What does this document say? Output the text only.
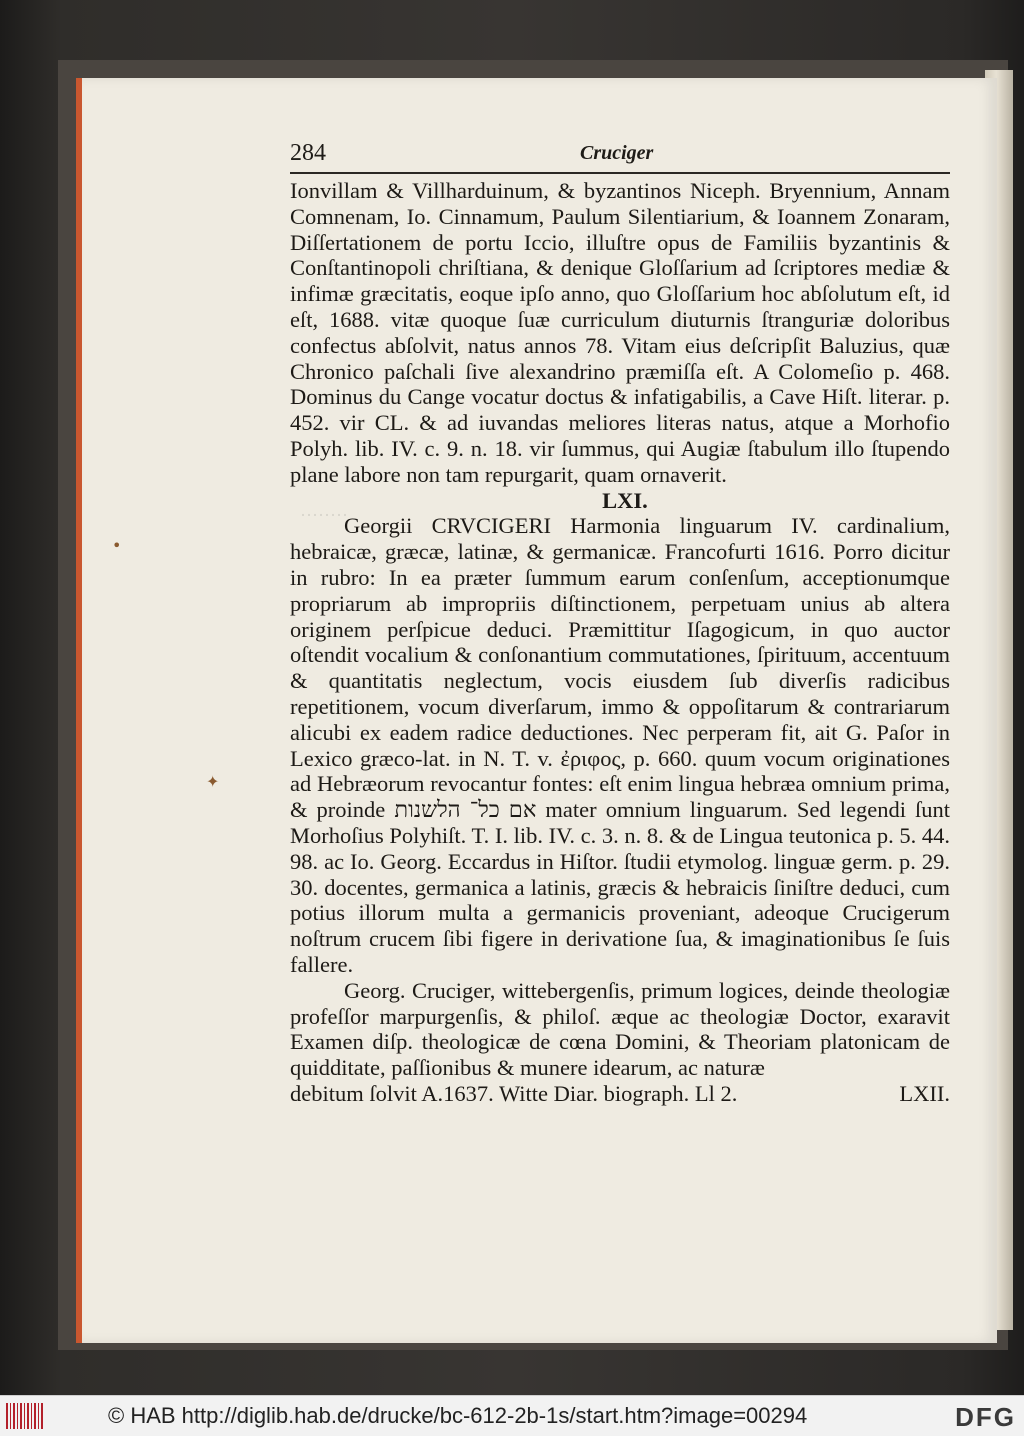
284	Cruciger
········
•
✦

Ionvillam & Villharduinum, & byzantinos Niceph. Bryennium, Annam Comnenam, Io. Cinnamum, Paulum Silentiarium, & Ioannem Zonaram, Diſſertationem de portu Iccio, illuſtre opus de Familiis byzantinis & Conſtantinopoli chriſtiana, & denique Gloſſarium ad ſcriptores mediæ & infimæ græcitatis, eoque ipſo anno, quo Gloſſarium hoc abſolutum eſt, id eſt, 1688. vitæ quoque ſuæ curriculum diuturnis ſtranguriæ doloribus confectus abſolvit, natus annos 78. Vitam eius deſcripſit Baluzius, quæ Chronico paſchali ſive alexandrino præmiſſa eſt. A Colomeſio p. 468. Dominus du Cange vocatur doctus & infatigabilis, a Cave Hiſt. literar. p. 452. vir CL. & ad iuvandas meliores literas natus, atque a Morhofio Polyh. lib. IV. c. 9. n. 18. vir ſummus, qui Augiæ ſtabulum illo ſtupendo plane labore non tam repurgarit, quam ornaverit.

LXI.

Georgii CRVCIGERI Harmonia linguarum IV. cardinalium, hebraicæ, græcæ, latinæ, & germanicæ. Francofurti 1616. Porro dicitur in rubro: In ea præter ſummum earum conſenſum, acceptionumque propriarum ab impropriis diſtinctionem, perpetuam unius ab altera originem perſpicue deduci. Præmittitur Iſagogicum, in quo auctor oſtendit vocalium & conſonantium commutationes, ſpirituum, accentuum & quantitatis neglectum, vocis eiusdem ſub diverſis radicibus repetitionem, vocum diverſarum, immo & oppoſitarum & contrariarum alicubi ex eadem radice deductiones. Nec perperam fit, ait G. Paſor in Lexico græco-lat. in N. T. v. ἐριφος, p. 660. quum vocum originationes ad Hebræorum revocantur fontes: eſt enim lingua hebræa omnium prima, & proinde אם כל־ הלשנות mater omnium linguarum. Sed legendi ſunt Morhoſius Polyhiſt. T. I. lib. IV. c. 3. n. 8. & de Lingua teutonica p. 5. 44. 98. ac Io. Georg. Eccardus in Hiſtor. ſtudii etymolog. linguæ germ. p. 29. 30. docentes, germanica a latinis, græcis & hebraicis ſiniſtre deduci, cum potius illorum multa a germanicis proveniant, adeoque Crucigerum noſtrum crucem ſibi figere in derivatione ſua, & imaginationibus ſe ſuis fallere.

Georg. Cruciger, wittebergenſis, primum logices, deinde theologiæ profeſſor marpurgenſis, & philoſ. æque ac theologiæ Doctor, exaravit Examen diſp. theologicæ de cœna Domini, & Theoriam platonicam de quidditate, paſſionibus & munere idearum, ac naturæ

debitum ſolvit A.1637. Witte Diar. biograph. Ll 2.	LXII.

© HAB http://diglib.hab.de/drucke/bc-612-2b-1s/start.htm?image=00294	DFG
